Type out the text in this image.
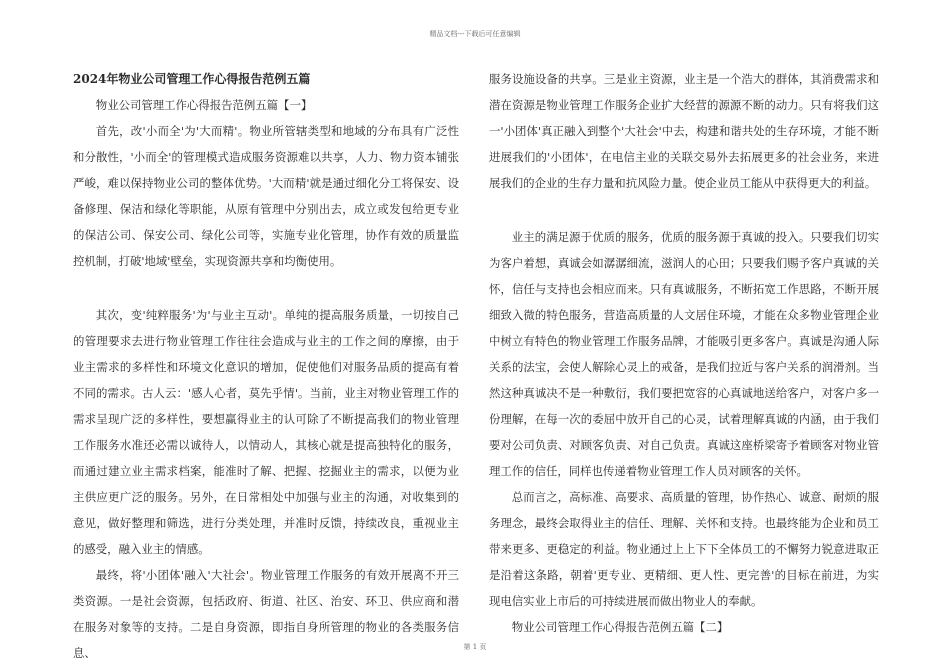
精品文档---下载后可任意编辑

2024年物业公司管理工作心得报告范例五篇

物业公司管理工作心得报告范例五篇【一】

首先，改'小而全'为'大而精'。物业所管辖类型和地域的分布具有广泛性和分散性，'小而全'的管理模式造成服务资源难以共享，人力、物力资本铺张严峻，难以保持物业公司的整体优势。'大而精'就是通过细化分工将保安、设备修理、保洁和绿化等职能，从原有管理中分别出去，成立或发包给更专业的保洁公司、保安公司、绿化公司等，实施专业化管理，协作有效的质量监控机制，打破'地域'壁垒，实现资源共享和均衡使用。

其次，变'纯粹服务'为'与业主互动'。单纯的提高服务质量，一切按自己的管理要求去进行物业管理工作往往会造成与业主的工作之间的摩擦，由于业主需求的多样性和环境文化意识的增加，促使他们对服务品质的提高有着不同的需求。古人云：'感人心者，莫先乎情'。当前，业主对物业管理工作的需求呈现广泛的多样性，要想赢得业主的认可除了不断提高我们的物业管理工作服务水准还必需以诚待人，以情动人，其核心就是提高独特化的服务，而通过建立业主需求档案，能准时了解、把握、挖掘业主的需求，以便为业主供应更广泛的服务。另外，在日常相处中加强与业主的沟通，对收集到的意见，做好整理和筛选，进行分类处理，并准时反馈，持续改良，重视业主的感受，融入业主的情感。

最终，将'小团体'融入'大社会'。物业管理工作服务的有效开展离不开三类资源。一是社会资源，包括政府、街道、社区、治安、环卫、供应商和潜在服务对象等的支持。二是自身资源，即指自身所管理的物业的各类服务信息、

服务设施设备的共享。三是业主资源，业主是一个浩大的群体，其消费需求和潜在资源是物业管理工作服务企业扩大经营的源源不断的动力。只有将我们这一'小团体'真正融入到整个'大社会'中去，构建和谐共处的生存环境，才能不断进展我们的'小团体'，在电信主业的关联交易外去拓展更多的社会业务，来进展我们的企业的生存力量和抗风险力量。使企业员工能从中获得更大的利益。

业主的满足源于优质的服务，优质的服务源于真诚的投入。只要我们切实为客户着想，真诚会如潺潺细流，滋润人的心田；只要我们赐予客户真诚的关怀，信任与支持也会相应而来。只有真诚服务，不断拓宽工作思路，不断开展细致入微的特色服务，营造高质量的人文居住环境，才能在众多物业管理企业中树立有特色的物业管理工作服务品牌，才能吸引更多客户。真诚是沟通人际关系的法宝，会使人解除心灵上的戒备，是我们拉近与客户关系的润滑剂。当然这种真诚决不是一种敷衍，我们要把宽容的心真诚地送给客户，对客户多一份理解，在每一次的委屈中放开自己的心灵，试着理解真诚的内涵，由于我们要对公司负责、对顾客负责、对自己负责。真诚这座桥梁寄予着顾客对物业管理工作的信任，同样也传递着物业管理工作人员对顾客的关怀。

总而言之，高标准、高要求、高质量的管理，协作热心、诚意、耐烦的服务理念，最终会取得业主的信任、理解、关怀和支持。也最终能为企业和员工带来更多、更稳定的利益。物业通过上上下下全体员工的不懈努力锐意进取正是沿着这条路，朝着'更专业、更精细、更人性、更完善'的目标在前进，为实现电信实业上市后的可持续进展而做出物业人的奉献。

物业公司管理工作心得报告范例五篇【二】

第 1 页
